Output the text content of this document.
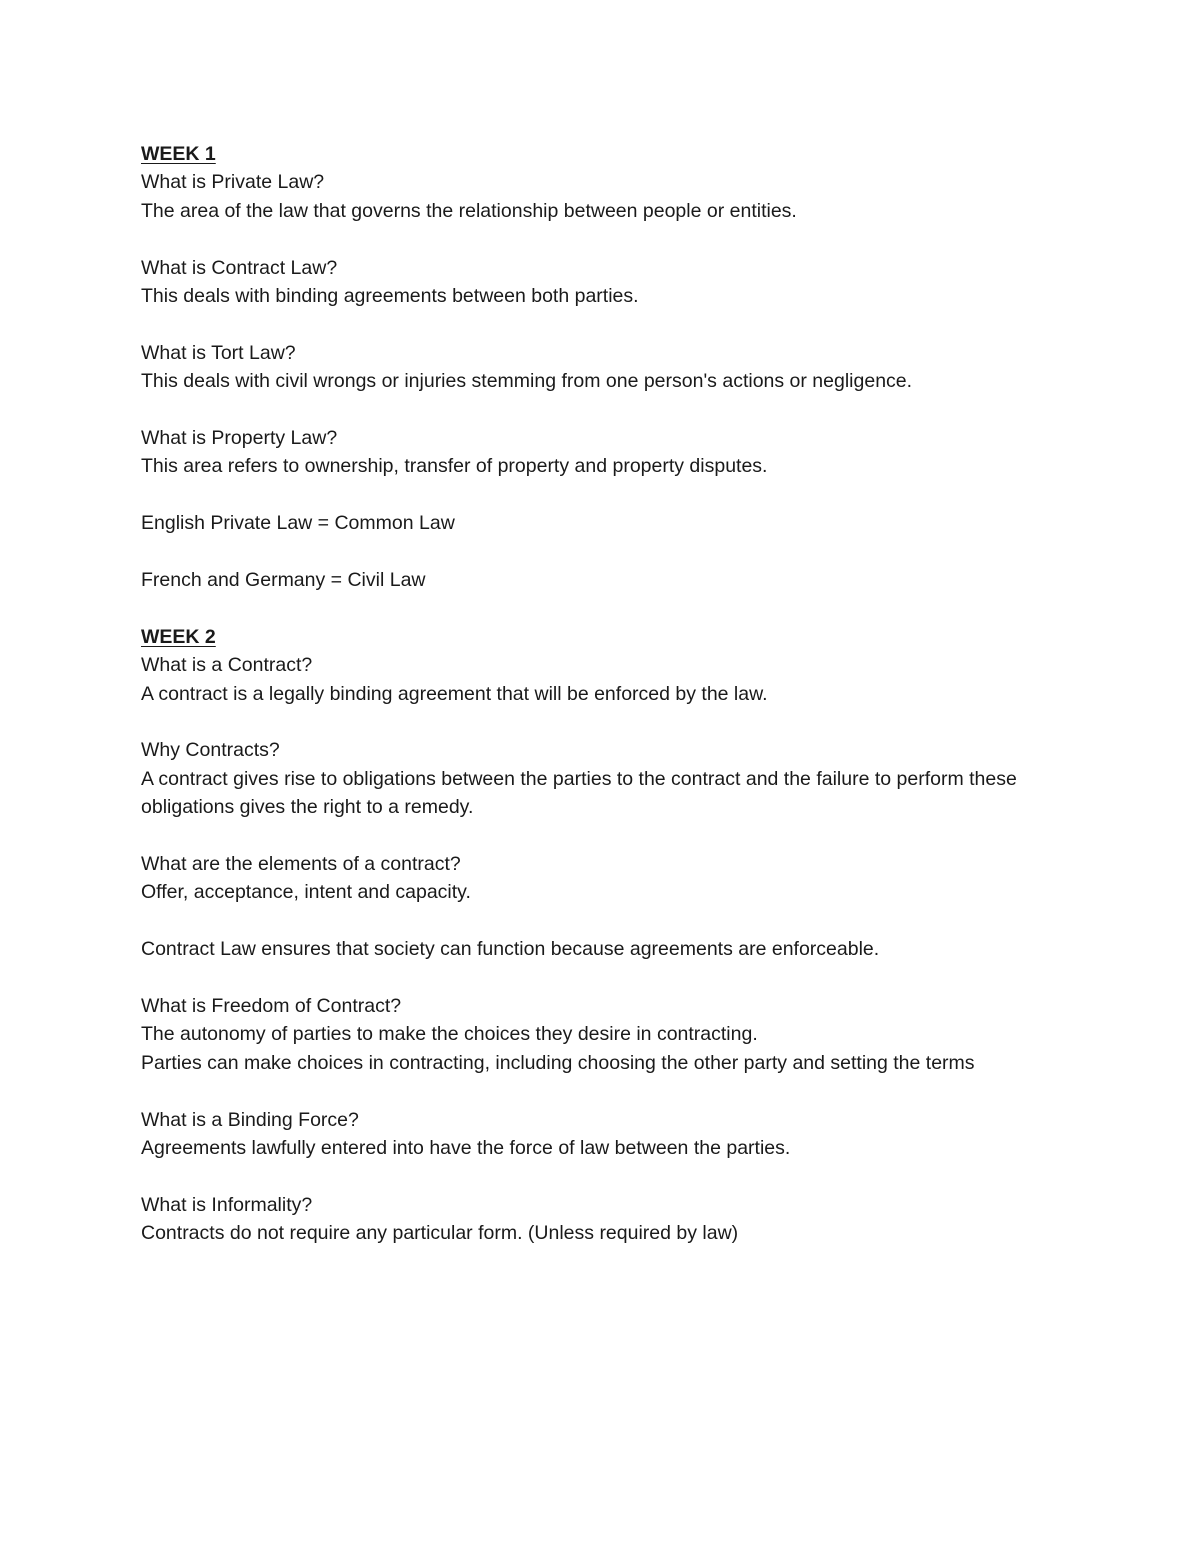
WEEK 1

What is Private Law?

The area of the law that governs the relationship between people or entities.

What is Contract Law?

This deals with binding agreements between both parties.

What is Tort Law?

This deals with civil wrongs or injuries stemming from one person's actions or negligence.

What is Property Law?

This area refers to ownership, transfer of property and property disputes.

English Private Law = Common Law

French and Germany = Civil Law

WEEK 2

What is a Contract?

A contract is a legally binding agreement that will be enforced by the law.

Why Contracts?

A contract gives rise to obligations between the parties to the contract and the failure to perform these obligations gives the right to a remedy.

What are the elements of a contract?

Offer, acceptance, intent and capacity.

Contract Law ensures that society can function because agreements are enforceable.

What is Freedom of Contract?

The autonomy of parties to make the choices they desire in contracting.

Parties can make choices in contracting, including choosing the other party and setting the terms

What is a Binding Force?

Agreements lawfully entered into have the force of law between the parties.

What is Informality?

Contracts do not require any particular form. (Unless required by law)
